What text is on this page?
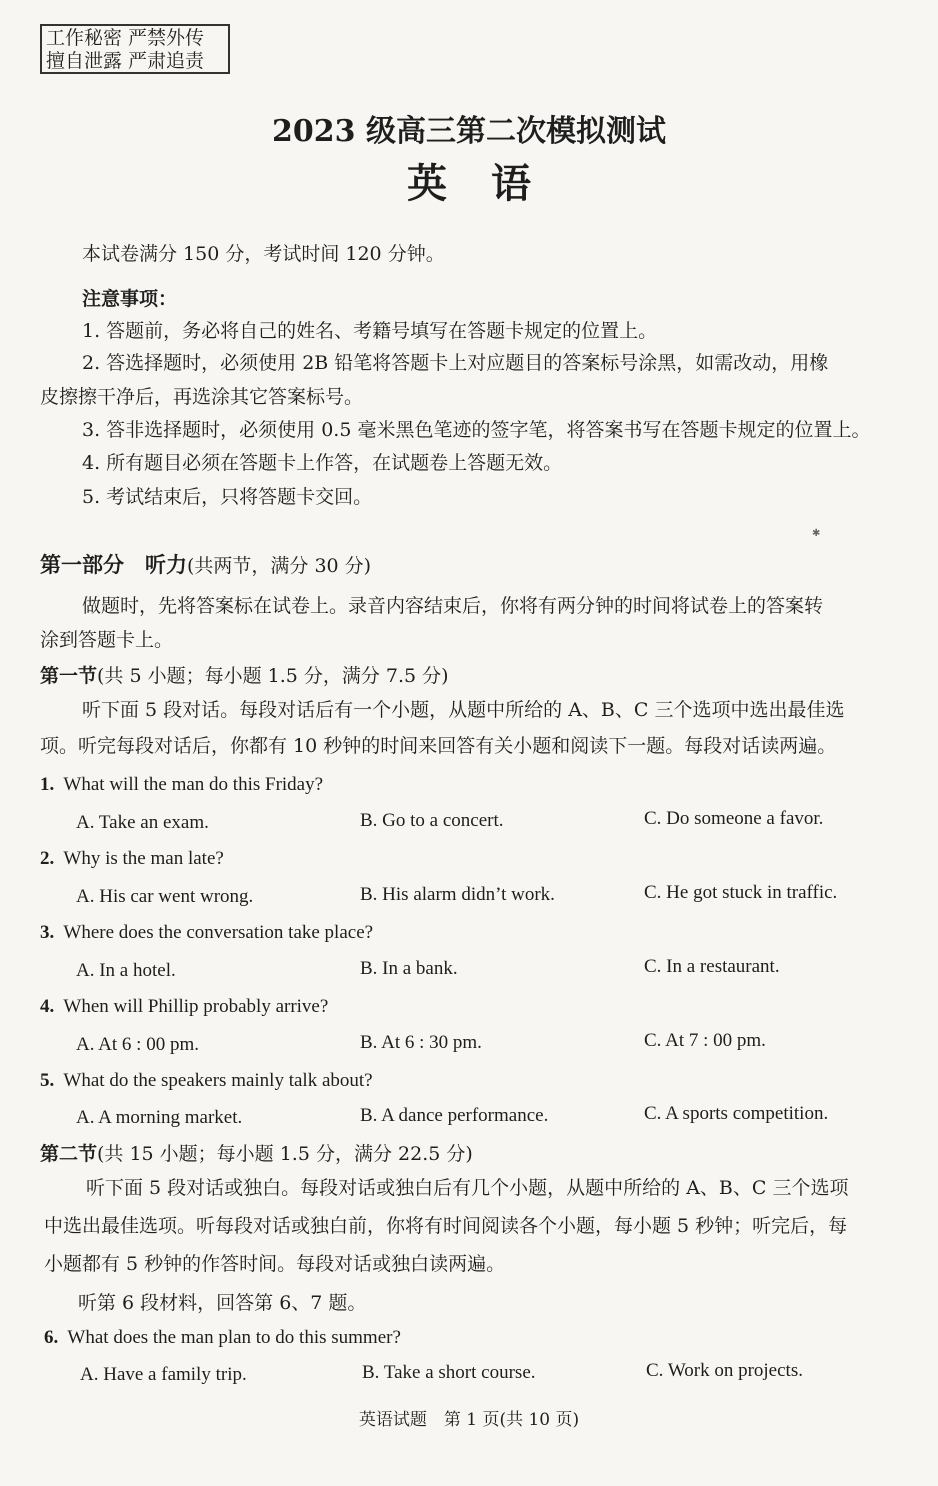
工作秘密 严禁外传
擅自泄露 严肃追责
2023 级高三第二次模拟测试
英语
本试卷满分 150 分，考试时间 120 分钟。
注意事项：
1. 答题前，务必将自己的姓名、考籍号填写在答题卡规定的位置上。
2. 答选择题时，必须使用 2B 铅笔将答题卡上对应题目的答案标号涂黑，如需改动，用橡
皮擦擦干净后，再选涂其它答案标号。
3. 答非选择题时，必须使用 0.5 毫米黑色笔迹的签字笔，将答案书写在答题卡规定的位置上。
4. 所有题目必须在答题卡上作答，在试题卷上答题无效。
5. 考试结束后，只将答题卡交回。
✱
第一部分　听力(共两节，满分 30 分)
做题时，先将答案标在试卷上。录音内容结束后，你将有两分钟的时间将试卷上的答案转
涂到答题卡上。
第一节(共 5 小题；每小题 1.5 分，满分 7.5 分)
听下面 5 段对话。每段对话后有一个小题，从题中所给的 A、B、C 三个选项中选出最佳选
项。听完每段对话后，你都有 10 秒钟的时间来回答有关小题和阅读下一题。每段对话读两遍。
1. What will the man do this Friday?
A. Take an exam.	B. Go to a concert.	C. Do someone a favor.
2. Why is the man late?
A. His car went wrong.	B. His alarm didn’t work.	C. He got stuck in traffic.
3. Where does the conversation take place?
A. In a hotel.	B. In a bank.	C. In a restaurant.
4. When will Phillip probably arrive?
A. At 6 : 00 pm.	B. At 6 : 30 pm.	C. At 7 : 00 pm.
5. What do the speakers mainly talk about?
A. A morning market.	B. A dance performance.	C. A sports competition.
第二节(共 15 小题；每小题 1.5 分，满分 22.5 分)
听下面 5 段对话或独白。每段对话或独白后有几个小题，从题中所给的 A、B、C 三个选项
中选出最佳选项。听每段对话或独白前，你将有时间阅读各个小题，每小题 5 秒钟；听完后，每
小题都有 5 秒钟的作答时间。每段对话或独白读两遍。
听第 6 段材料，回答第 6、7 题。
6. What does the man plan to do this summer?
A. Have a family trip.	B. Take a short course.	C. Work on projects.
英语试题　第 1 页(共 10 页)
